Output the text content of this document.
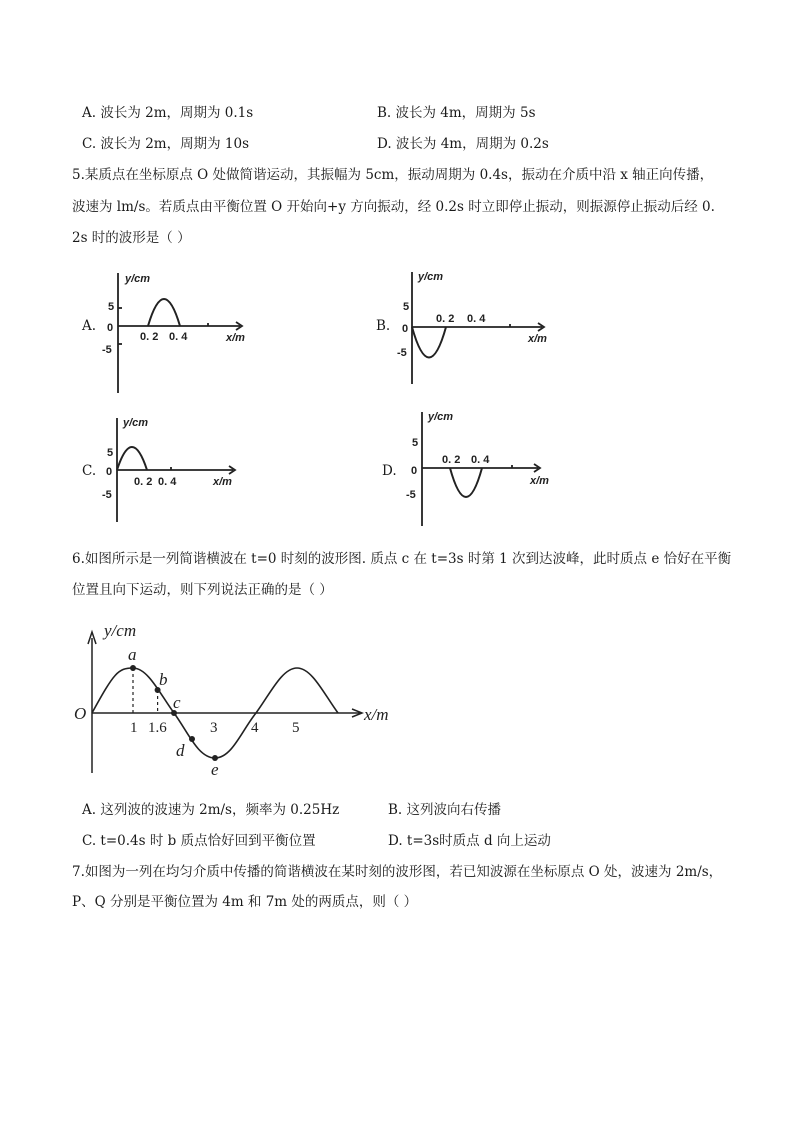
A. 波长为 2m，周期为 0.1s	B. 波长为 4m，周期为 5s
C. 波长为 2m，周期为 10s	D. 波长为 4m，周期为 0.2s
5.某质点在坐标原点 O 处做简谐运动，其振幅为 5cm，振动周期为 0.4s，振动在介质中沿 x 轴正向传播，
波速为 lm/s。若质点由平衡位置 O 开始向+y 方向振动，经 0.2s 时立即停止振动，则振源停止振动后经 0.
2s 时的波形是（ ）
A.
y/cm
5
0
-5
0. 2 0. 4	x/m
B.
y/cm
5
0
-5
0. 2 0. 4
x/m
C.
y/cm
5
0
-5
0. 2 0. 4	x/m
D.
y/cm
5
0
-5
0. 2 0. 4
x/m
6.如图所示是一列简谐横波在 t=0 时刻的波形图. 质点 c 在 t=3s 时第 1 次到达波峰，此时质点 e 恰好在平衡
位置且向下运动，则下列说法正确的是（ ）
y/cm
x/m
O
a
b
c
d
e
1 1.6	3 4 5
A. 这列波的波速为 2m/s，频率为 0.25Hz	B. 这列波向右传播
C. t=0.4s 时 b 质点恰好回到平衡位置	D. t=3s时质点 d 向上运动
7.如图为一列在均匀介质中传播的简谐横波在某时刻的波形图，若已知波源在坐标原点 O 处，波速为 2m/s，
P、Q 分别是平衡位置为 4m 和 7m 处的两质点，则（ ）
